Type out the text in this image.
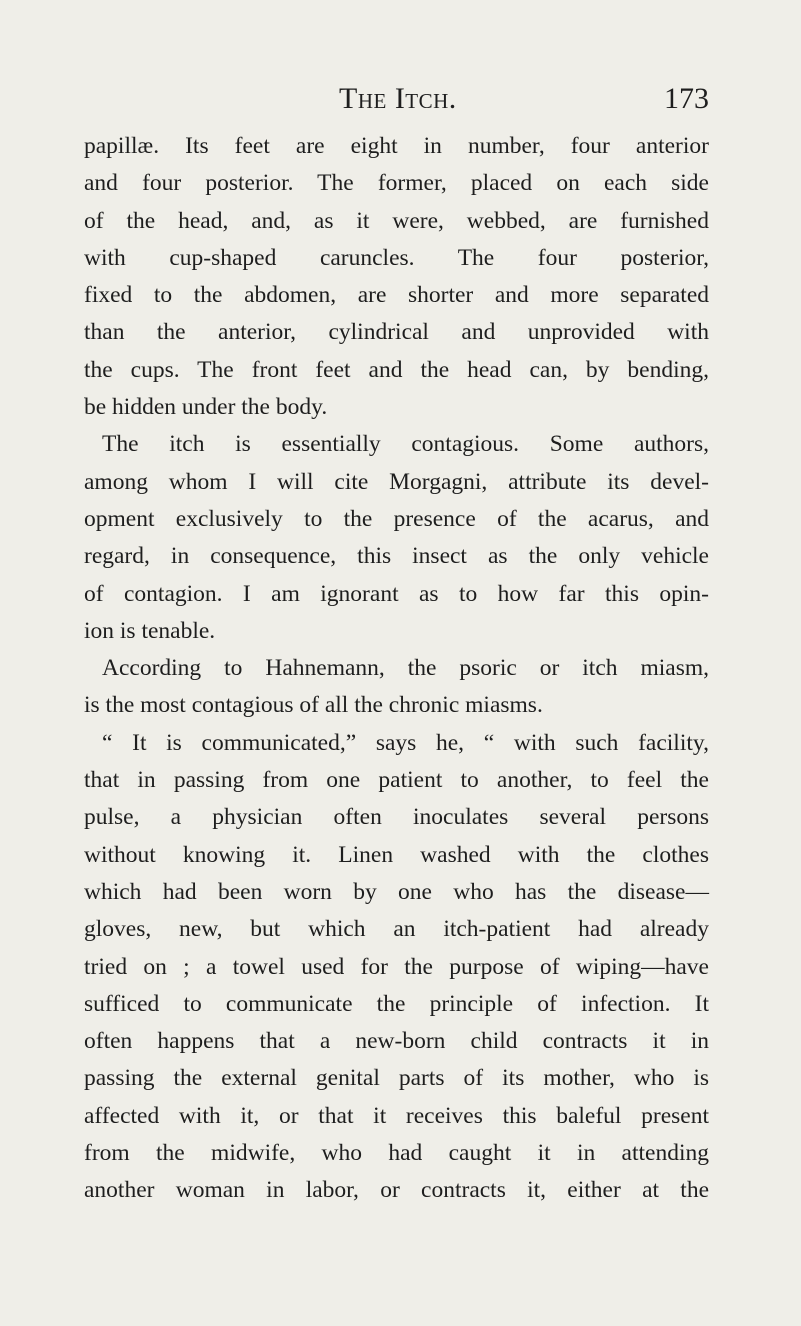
The Itch.	173
papillæ. Its feet are eight in number, four anterior
and four posterior. The former, placed on each side
of the head, and, as it were, webbed, are furnished
with cup-shaped caruncles. The four posterior,
fixed to the abdomen, are shorter and more separated
than the anterior, cylindrical and unprovided with
the cups. The front feet and the head can, by bending,
be hidden under the body.
The itch is essentially contagious. Some authors,
among whom I will cite Morgagni, attribute its devel-
opment exclusively to the presence of the acarus, and
regard, in consequence, this insect as the only vehicle
of contagion. I am ignorant as to how far this opin-
ion is tenable.
According to Hahnemann, the psoric or itch miasm,
is the most contagious of all the chronic miasms.
“ It is communicated,” says he, “ with such facility,
that in passing from one patient to another, to feel the
pulse, a physician often inoculates several persons
without knowing it. Linen washed with the clothes
which had been worn by one who has the disease—
gloves, new, but which an itch-patient had already
tried on ; a towel used for the purpose of wiping—have
sufficed to communicate the principle of infection. It
often happens that a new-born child contracts it in
passing the external genital parts of its mother, who is
affected with it, or that it receives this baleful present
from the midwife, who had caught it in attending
another woman in labor, or contracts it, either at the
